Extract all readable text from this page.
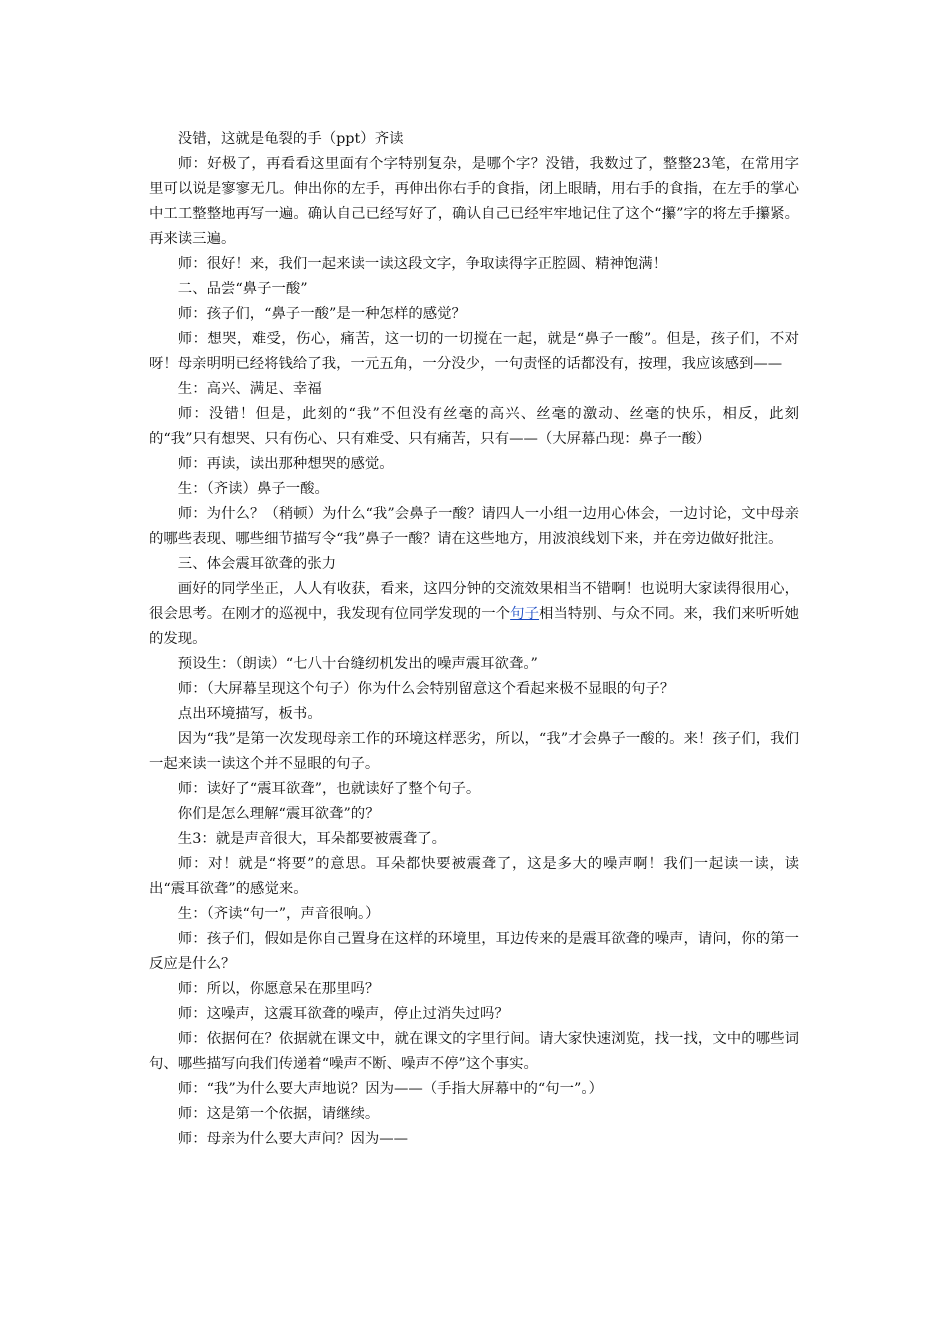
没错，这就是龟裂的手（ppt）齐读

师：好极了，再看看这里面有个字特别复杂，是哪个字？没错，我数过了，整整23笔，在常用字里可以说是寥寥无几。伸出你的左手，再伸出你右手的食指，闭上眼睛，用右手的食指，在左手的掌心中工工整整地再写一遍。确认自己已经写好了，确认自己已经牢牢地记住了这个“攥”字的将左手攥紧。再来读三遍。

师：很好！来，我们一起来读一读这段文字，争取读得字正腔圆、精神饱满！

二、品尝“鼻子一酸”

师：孩子们，“鼻子一酸”是一种怎样的感觉？

师：想哭，难受，伤心，痛苦，这一切的一切搅在一起，就是“鼻子一酸”。但是，孩子们，不对呀！母亲明明已经将钱给了我，一元五角，一分没少，一句责怪的话都没有，按理，我应该感到——

生：高兴、满足、幸福

师：没错！但是，此刻的“我”不但没有丝毫的高兴、丝毫的激动、丝毫的快乐，相反，此刻的“我”只有想哭、只有伤心、只有难受、只有痛苦，只有——（大屏幕凸现：鼻子一酸）

师：再读，读出那种想哭的感觉。

生：（齐读）鼻子一酸。

师：为什么？（稍顿）为什么“我”会鼻子一酸？请四人一小组一边用心体会，一边讨论，文中母亲的哪些表现、哪些细节描写令“我”鼻子一酸？请在这些地方，用波浪线划下来，并在旁边做好批注。

三、体会震耳欲聋的张力

画好的同学坐正，人人有收获，看来，这四分钟的交流效果相当不错啊！也说明大家读得很用心，很会思考。在刚才的巡视中，我发现有位同学发现的一个句子相当特别、与众不同。来，我们来听听她的发现。

预设生：（朗读）“七八十台缝纫机发出的噪声震耳欲聋。”

师：（大屏幕呈现这个句子）你为什么会特别留意这个看起来极不显眼的句子？

点出环境描写，板书。

因为“我”是第一次发现母亲工作的环境这样恶劣，所以，“我”才会鼻子一酸的。来！孩子们，我们一起来读一读这个并不显眼的句子。

师：读好了“震耳欲聋”，也就读好了整个句子。

你们是怎么理解“震耳欲聋”的？

生3：就是声音很大，耳朵都要被震聋了。

师：对！就是“将要”的意思。耳朵都快要被震聋了，这是多大的噪声啊！我们一起读一读，读出“震耳欲聋”的感觉来。

生：（齐读“句一”，声音很响。）

师：孩子们，假如是你自己置身在这样的环境里，耳边传来的是震耳欲聋的噪声，请问，你的第一反应是什么？

师：所以，你愿意呆在那里吗？

师：这噪声，这震耳欲聋的噪声，停止过消失过吗？

师：依据何在？依据就在课文中，就在课文的字里行间。请大家快速浏览，找一找，文中的哪些词句、哪些描写向我们传递着“噪声不断、噪声不停”这个事实。

师：“我”为什么要大声地说？因为——（手指大屏幕中的“句一”。）

师：这是第一个依据，请继续。

师：母亲为什么要大声问？因为——
